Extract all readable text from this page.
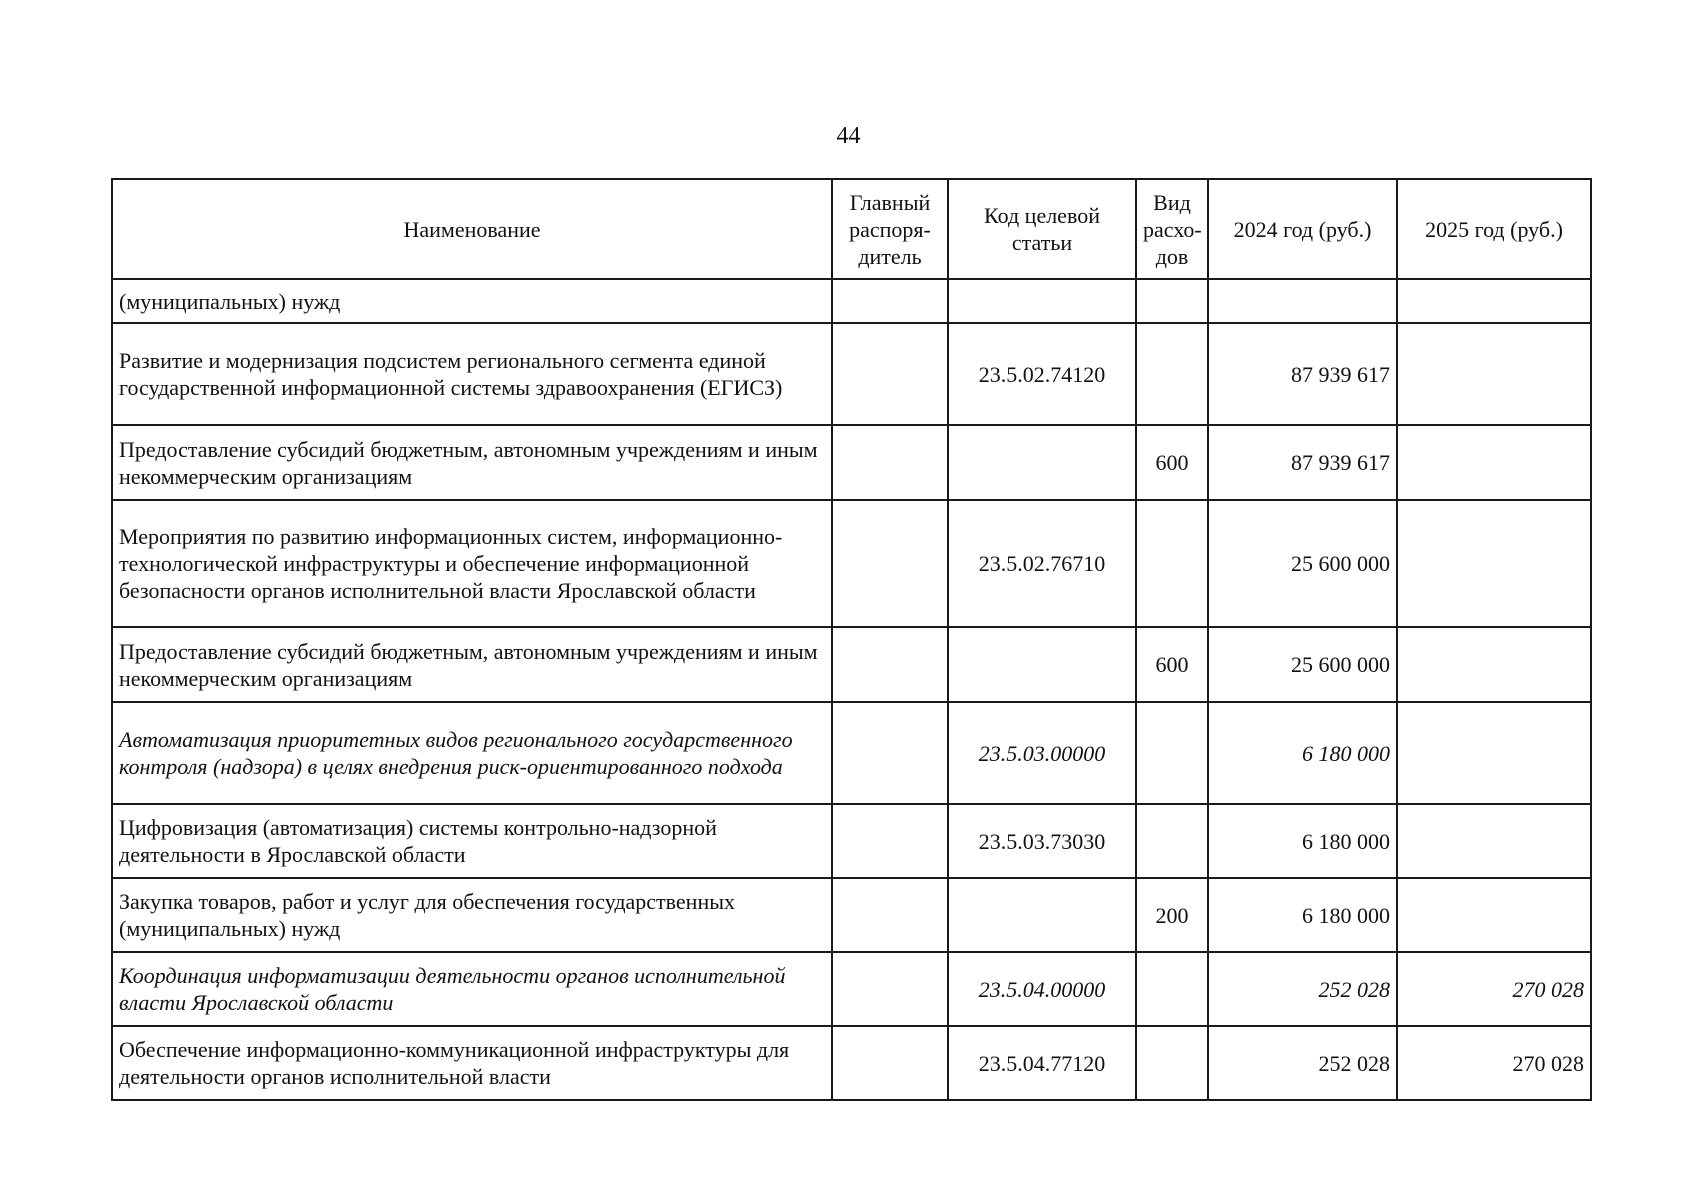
44
Наименование	Главный распоря-дитель	Код целевой статьи	Вид расхо-дов	2024 год (руб.)	2025 год (руб.)
(муниципальных) нужд					
Развитие и модернизация подсистем регионального сегмента единой государственной информационной системы здравоохранения (ЕГИСЗ)		23.5.02.74120		87 939 617	
Предоставление субсидий бюджетным, автономным учреждениям и иным некоммерческим организациям			600	87 939 617	
Мероприятия по развитию информационных систем, информационно-технологической инфраструктуры и обеспечение информационной безопасности органов исполнительной власти Ярославской области		23.5.02.76710		25 600 000	
Предоставление субсидий бюджетным, автономным учреждениям и иным некоммерческим организациям			600	25 600 000	
Автоматизация приоритетных видов регионального государственного контроля (надзора) в целях внедрения риск-ориентированного подхода		23.5.03.00000		6 180 000	
Цифровизация (автоматизация) системы контрольно-надзорной деятельности в Ярославской области		23.5.03.73030		6 180 000	
Закупка товаров, работ и услуг для обеспечения государственных (муниципальных) нужд			200	6 180 000	
Координация информатизации деятельности органов исполнительной власти Ярославской области		23.5.04.00000		252 028	270 028
Обеспечение информационно-коммуникационной инфраструктуры для деятельности органов исполнительной власти		23.5.04.77120		252 028	270 028
